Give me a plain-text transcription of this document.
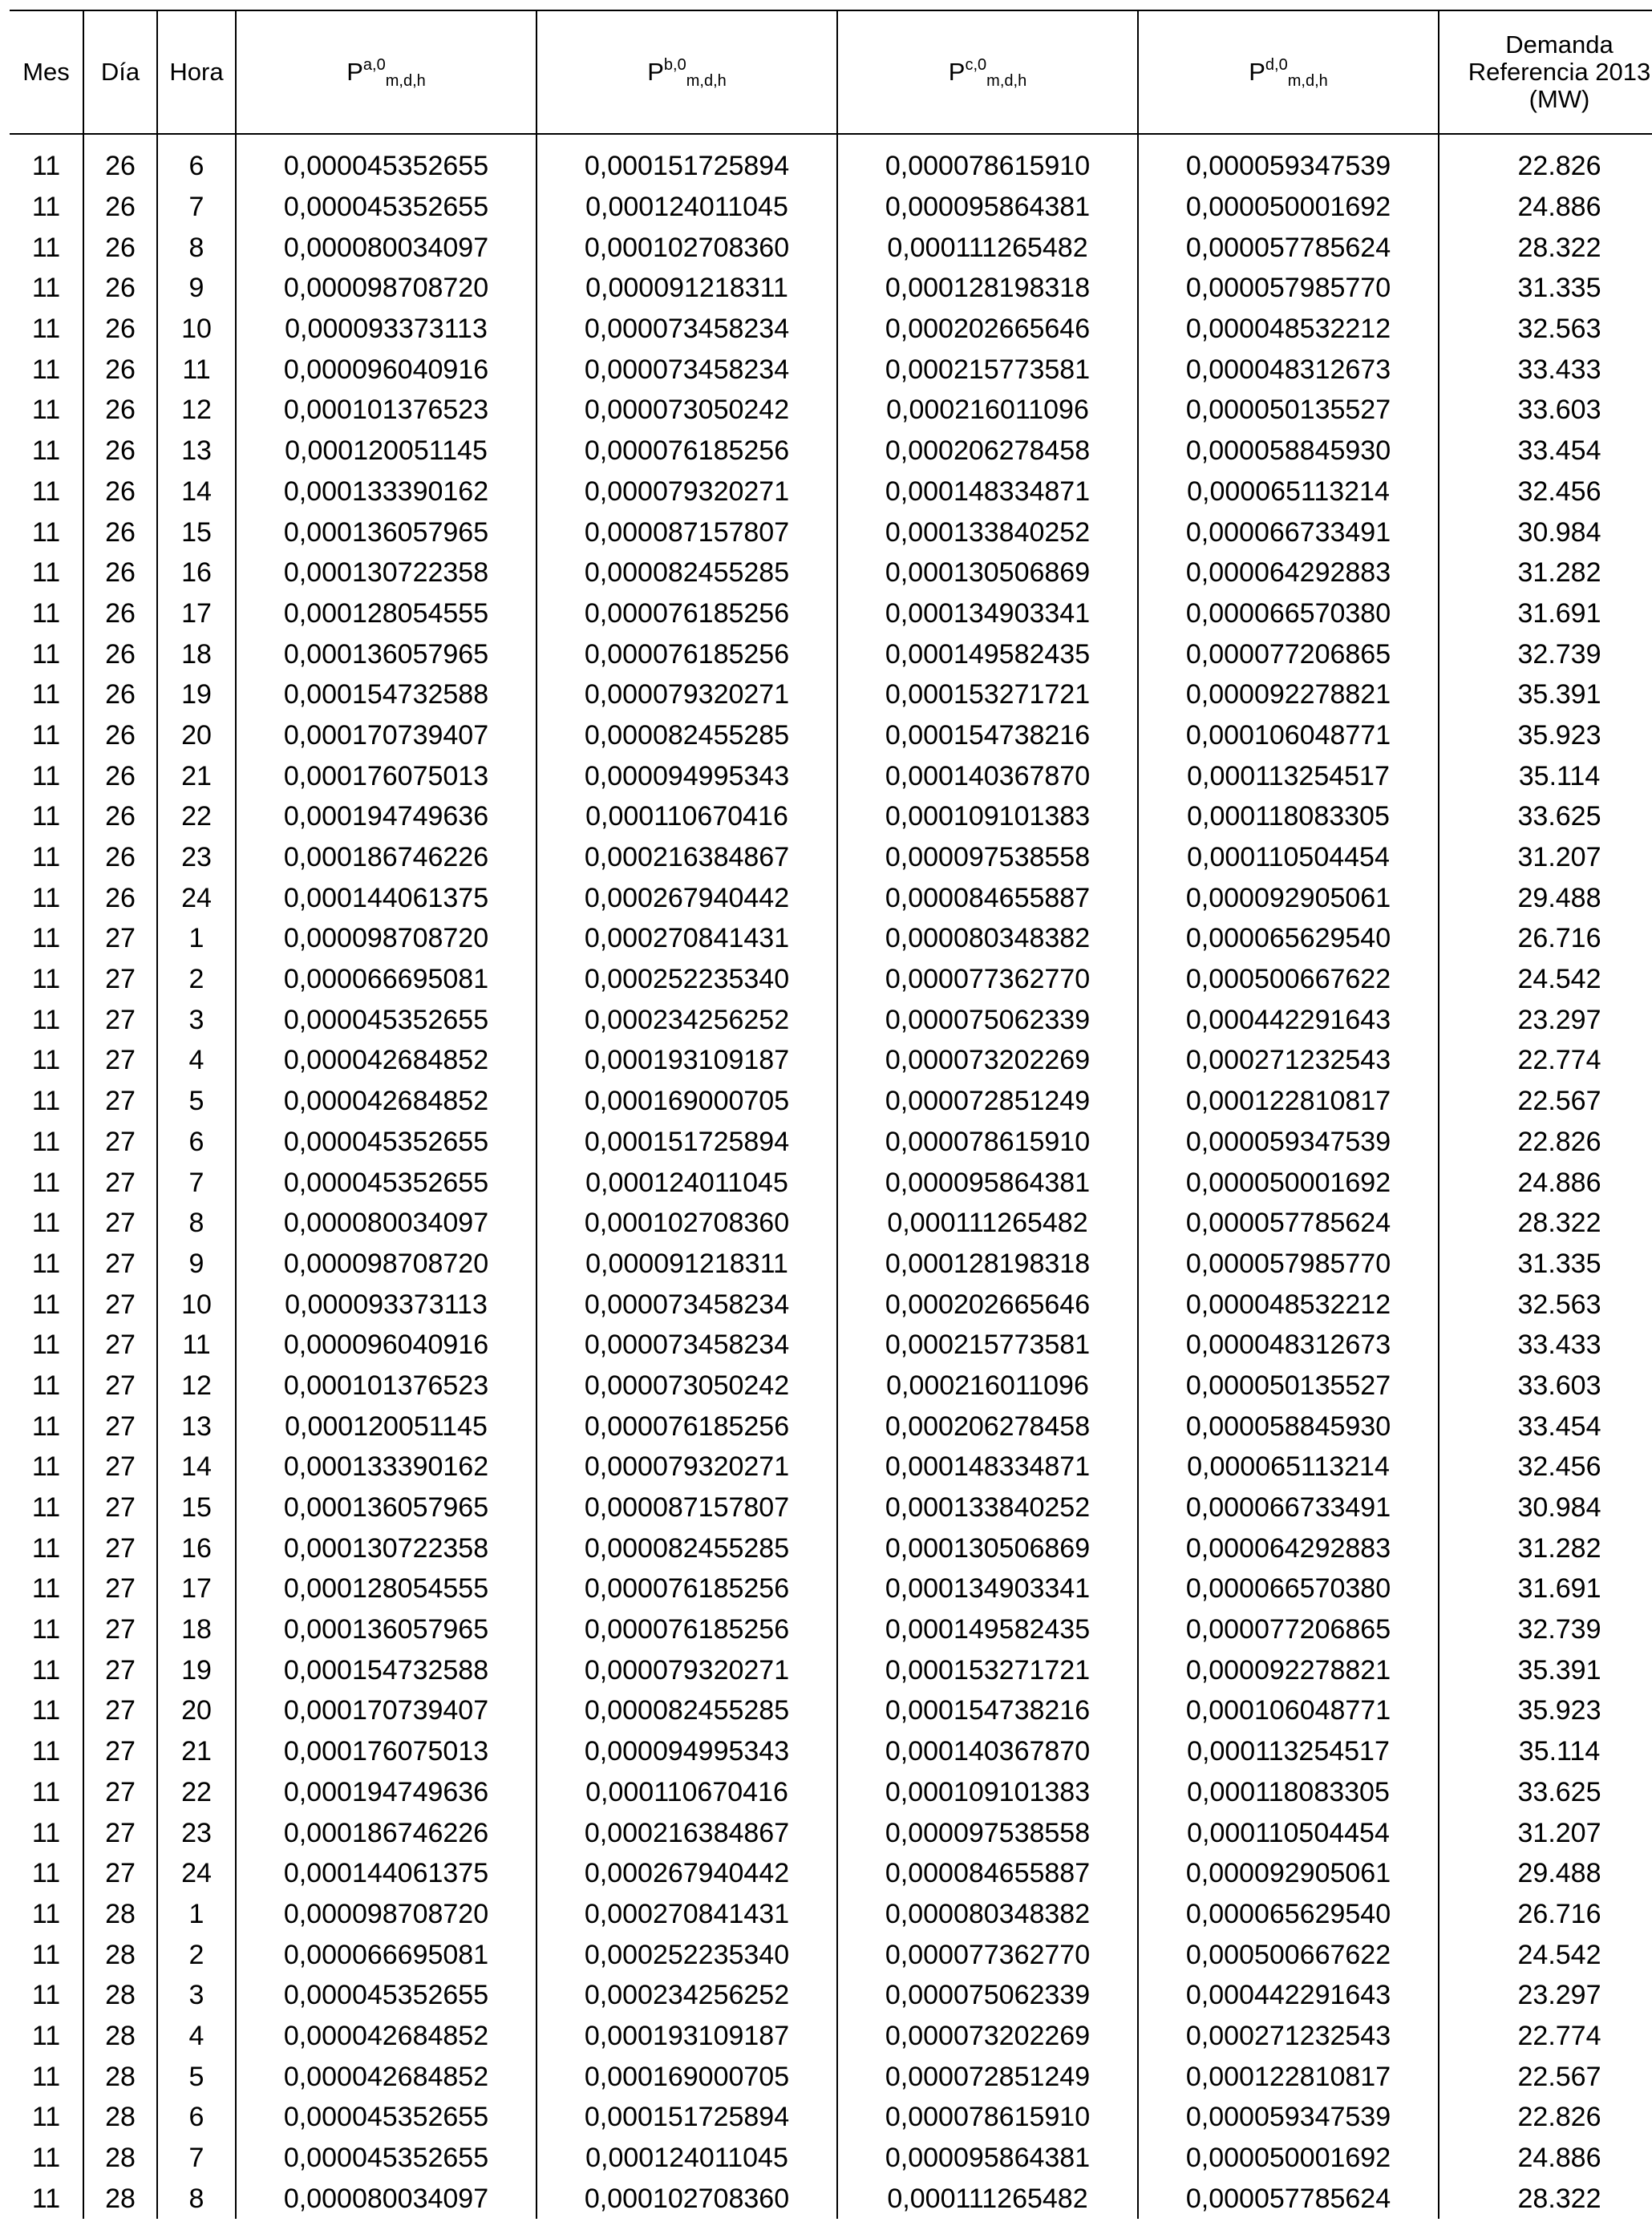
Mes	Día	Hora	P$^{a,0}_{m,d,h}$	P$^{b,0}_{m,d,h}$	P$^{c,0}_{m,d,h}$	P$^{d,0}_{m,d,h}$	Demanda
Referencia 2013
(MW)
11	26	6	0,000045352655	0,000151725894	0,000078615910	0,000059347539	22.826
11	26	7	0,000045352655	0,000124011045	0,000095864381	0,000050001692	24.886
11	26	8	0,000080034097	0,000102708360	0,000111265482	0,000057785624	28.322
11	26	9	0,000098708720	0,000091218311	0,000128198318	0,000057985770	31.335
11	26	10	0,000093373113	0,000073458234	0,000202665646	0,000048532212	32.563
11	26	11	0,000096040916	0,000073458234	0,000215773581	0,000048312673	33.433
11	26	12	0,000101376523	0,000073050242	0,000216011096	0,000050135527	33.603
11	26	13	0,000120051145	0,000076185256	0,000206278458	0,000058845930	33.454
11	26	14	0,000133390162	0,000079320271	0,000148334871	0,000065113214	32.456
11	26	15	0,000136057965	0,000087157807	0,000133840252	0,000066733491	30.984
11	26	16	0,000130722358	0,000082455285	0,000130506869	0,000064292883	31.282
11	26	17	0,000128054555	0,000076185256	0,000134903341	0,000066570380	31.691
11	26	18	0,000136057965	0,000076185256	0,000149582435	0,000077206865	32.739
11	26	19	0,000154732588	0,000079320271	0,000153271721	0,000092278821	35.391
11	26	20	0,000170739407	0,000082455285	0,000154738216	0,000106048771	35.923
11	26	21	0,000176075013	0,000094995343	0,000140367870	0,000113254517	35.114
11	26	22	0,000194749636	0,000110670416	0,000109101383	0,000118083305	33.625
11	26	23	0,000186746226	0,000216384867	0,000097538558	0,000110504454	31.207
11	26	24	0,000144061375	0,000267940442	0,000084655887	0,000092905061	29.488
11	27	1	0,000098708720	0,000270841431	0,000080348382	0,000065629540	26.716
11	27	2	0,000066695081	0,000252235340	0,000077362770	0,000500667622	24.542
11	27	3	0,000045352655	0,000234256252	0,000075062339	0,000442291643	23.297
11	27	4	0,000042684852	0,000193109187	0,000073202269	0,000271232543	22.774
11	27	5	0,000042684852	0,000169000705	0,000072851249	0,000122810817	22.567
11	27	6	0,000045352655	0,000151725894	0,000078615910	0,000059347539	22.826
11	27	7	0,000045352655	0,000124011045	0,000095864381	0,000050001692	24.886
11	27	8	0,000080034097	0,000102708360	0,000111265482	0,000057785624	28.322
11	27	9	0,000098708720	0,000091218311	0,000128198318	0,000057985770	31.335
11	27	10	0,000093373113	0,000073458234	0,000202665646	0,000048532212	32.563
11	27	11	0,000096040916	0,000073458234	0,000215773581	0,000048312673	33.433
11	27	12	0,000101376523	0,000073050242	0,000216011096	0,000050135527	33.603
11	27	13	0,000120051145	0,000076185256	0,000206278458	0,000058845930	33.454
11	27	14	0,000133390162	0,000079320271	0,000148334871	0,000065113214	32.456
11	27	15	0,000136057965	0,000087157807	0,000133840252	0,000066733491	30.984
11	27	16	0,000130722358	0,000082455285	0,000130506869	0,000064292883	31.282
11	27	17	0,000128054555	0,000076185256	0,000134903341	0,000066570380	31.691
11	27	18	0,000136057965	0,000076185256	0,000149582435	0,000077206865	32.739
11	27	19	0,000154732588	0,000079320271	0,000153271721	0,000092278821	35.391
11	27	20	0,000170739407	0,000082455285	0,000154738216	0,000106048771	35.923
11	27	21	0,000176075013	0,000094995343	0,000140367870	0,000113254517	35.114
11	27	22	0,000194749636	0,000110670416	0,000109101383	0,000118083305	33.625
11	27	23	0,000186746226	0,000216384867	0,000097538558	0,000110504454	31.207
11	27	24	0,000144061375	0,000267940442	0,000084655887	0,000092905061	29.488
11	28	1	0,000098708720	0,000270841431	0,000080348382	0,000065629540	26.716
11	28	2	0,000066695081	0,000252235340	0,000077362770	0,000500667622	24.542
11	28	3	0,000045352655	0,000234256252	0,000075062339	0,000442291643	23.297
11	28	4	0,000042684852	0,000193109187	0,000073202269	0,000271232543	22.774
11	28	5	0,000042684852	0,000169000705	0,000072851249	0,000122810817	22.567
11	28	6	0,000045352655	0,000151725894	0,000078615910	0,000059347539	22.826
11	28	7	0,000045352655	0,000124011045	0,000095864381	0,000050001692	24.886
11	28	8	0,000080034097	0,000102708360	0,000111265482	0,000057785624	28.322
